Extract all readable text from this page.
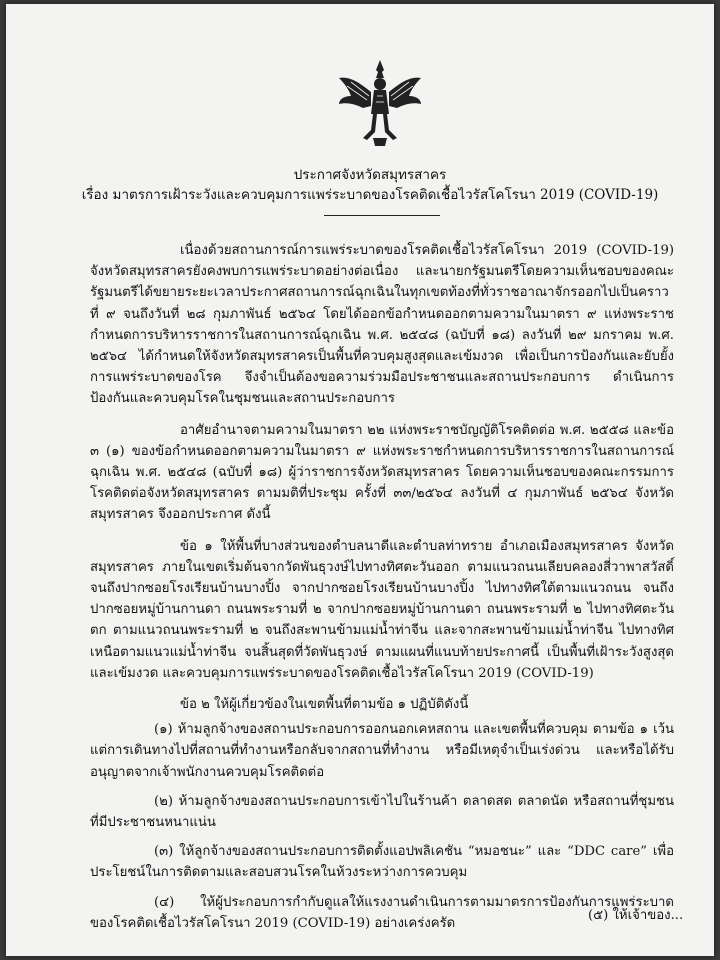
ประกาศจังหวัดสมุทรสาคร
เรื่อง มาตรการเฝ้าระวังและควบคุมการแพร่ระบาดของโรคติดเชื้อไวรัสโคโรนา 2019 (COVID-19)

เนื่องด้วยสถานการณ์การแพร่ระบาดของโรคติดเชื้อไวรัสโคโรนา 2019 (COVID-19) จังหวัดสมุทรสาครยังคงพบการแพร่ระบาดอย่างต่อเนื่อง และนายกรัฐมนตรีโดยความเห็นชอบของคณะรัฐมนตรีได้ขยายระยะเวลาประกาศสถานการณ์ฉุกเฉินในทุกเขตท้องที่ทั่วราชอาณาจักรออกไปเป็นคราวที่ ๙ จนถึงวันที่ ๒๘ กุมภาพันธ์ ๒๕๖๔ โดยได้ออกข้อกำหนดออกตามความในมาตรา ๙ แห่งพระราชกำหนดการบริหารราชการในสถานการณ์ฉุกเฉิน พ.ศ. ๒๕๔๘ (ฉบับที่ ๑๘) ลงวันที่ ๒๙ มกราคม พ.ศ. ๒๕๖๔ ได้กำหนดให้จังหวัดสมุทรสาครเป็นพื้นที่ควบคุมสูงสุดและเข้มงวด เพื่อเป็นการป้องกันและยับยั้งการแพร่ระบาดของโรค จึงจำเป็นต้องขอความร่วมมือประชาชนและสถานประกอบการ ดำเนินการป้องกันและควบคุมโรคในชุมชนและสถานประกอบการ

อาศัยอำนาจตามความในมาตรา ๒๒ แห่งพระราชบัญญัติโรคติดต่อ พ.ศ. ๒๕๕๘ และข้อ ๓ (๑) ของข้อกำหนดออกตามความในมาตรา ๙ แห่งพระราชกำหนดการบริหารราชการในสถานการณ์ฉุกเฉิน พ.ศ. ๒๕๔๘ (ฉบับที่ ๑๘) ผู้ว่าราชการจังหวัดสมุทรสาคร โดยความเห็นชอบของคณะกรรมการโรคติดต่อจังหวัดสมุทรสาคร ตามมติที่ประชุม ครั้งที่ ๓๓/๒๕๖๔ ลงวันที่ ๔ กุมภาพันธ์ ๒๕๖๔ จังหวัดสมุทรสาคร จึงออกประกาศ ดังนี้

ข้อ ๑ ให้พื้นที่บางส่วนของตำบลนาดีและตำบลท่าทราย อำเภอเมืองสมุทรสาคร จังหวัดสมุทรสาคร ภายในเขตเริ่มต้นจากวัดพันธุวงษ์ไปทางทิศตะวันออก ตามแนวถนนเลียบคลองสี่วาพาสวัสดิ์ จนถึงปากซอยโรงเรียนบ้านบางปิ้ง จากปากซอยโรงเรียนบ้านบางปิ้ง ไปทางทิศใต้ตามแนวถนน จนถึงปากซอยหมู่บ้านกานดา ถนนพระรามที่ ๒ จากปากซอยหมู่บ้านกานดา ถนนพระรามที่ ๒ ไปทางทิศตะวันตก ตามแนวถนนพระรามที่ ๒ จนถึงสะพานข้ามแม่น้ำท่าจีน และจากสะพานข้ามแม่น้ำท่าจีน ไปทางทิศเหนือตามแนวแม่น้ำท่าจีน จนสิ้นสุดที่วัดพันธุวงษ์ ตามแผนที่แนบท้ายประกาศนี้ เป็นพื้นที่เฝ้าระวังสูงสุดและเข้มงวด และควบคุมการแพร่ระบาดของโรคติดเชื้อไวรัสโคโรนา 2019 (COVID-19)

ข้อ ๒ ให้ผู้เกี่ยวข้องในเขตพื้นที่ตามข้อ ๑ ปฏิบัติดังนี้

(๑) ห้ามลูกจ้างของสถานประกอบการออกนอกเคหสถาน และเขตพื้นที่ควบคุม ตามข้อ ๑ เว้นแต่การเดินทางไปที่สถานที่ทำงานหรือกลับจากสถานที่ทำงาน หรือมีเหตุจำเป็นเร่งด่วน และหรือได้รับอนุญาตจากเจ้าพนักงานควบคุมโรคติดต่อ

(๒) ห้ามลูกจ้างของสถานประกอบการเข้าไปในร้านค้า ตลาดสด ตลาดนัด หรือสถานที่ชุมชนที่มีประชาชนหนาแน่น

(๓) ให้ลูกจ้างของสถานประกอบการติดตั้งแอปพลิเคชัน “หมอชนะ” และ “DDC care” เพื่อประโยชน์ในการติดตามและสอบสวนโรคในห้วงระหว่างการควบคุม

(๔) ให้ผู้ประกอบการกำกับดูแลให้แรงงานดำเนินการตามมาตรการป้องกันการแพร่ระบาดของโรคติดเชื้อไวรัสโคโรนา 2019 (COVID-19) อย่างเคร่งครัด

(๕) ให้เจ้าของ...
